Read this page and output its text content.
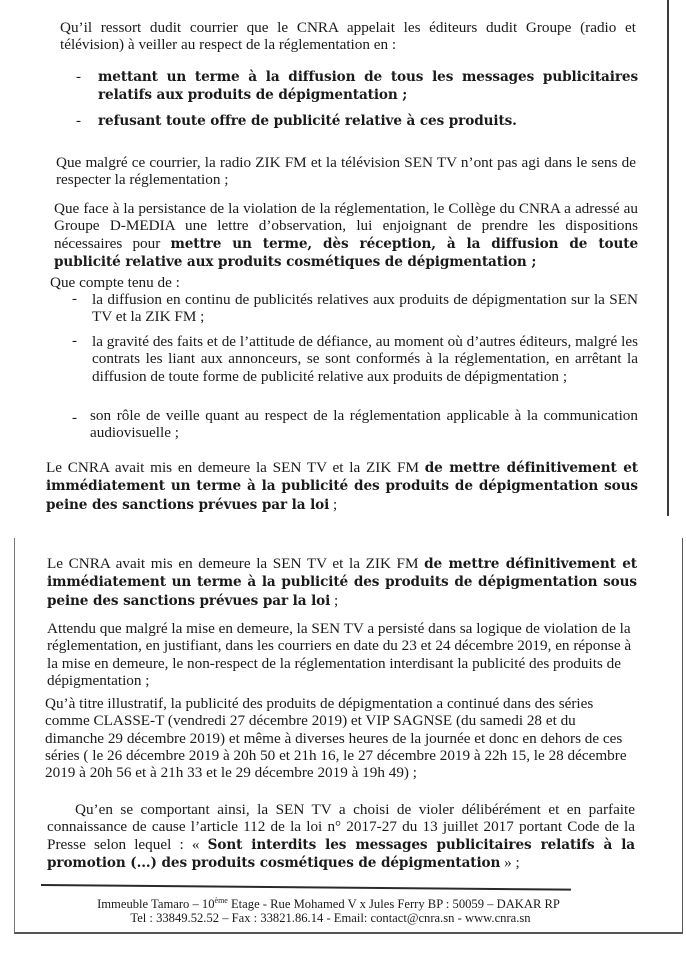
Qu’il ressort dudit courrier que le CNRA appelait les éditeurs dudit Groupe (radio et télévision) à veiller au respect de la réglementation en :

- mettant un terme à la diffusion de tous les messages publicitaires relatifs aux produits de dépigmentation ;

- refusant toute offre de publicité relative à ces produits.

Que malgré ce courrier, la radio ZIK FM et la télévision SEN TV n’ont pas agi dans le sens de respecter la réglementation ;

Que face à la persistance de la violation de la réglementation, le Collège du CNRA a adressé au Groupe D-MEDIA une lettre d’observation, lui enjoignant de prendre les dispositions nécessaires pour mettre un terme, dès réception, à la diffusion de toute publicité relative aux produits cosmétiques de dépigmentation ;

Que compte tenu de :

- la diffusion en continu de publicités relatives aux produits de dépigmentation sur la SEN TV et la ZIK FM ;

- la gravité des faits et de l’attitude de défiance, au moment où d’autres éditeurs, malgré les contrats les liant aux annonceurs, se sont conformés à la réglementation, en arrêtant la diffusion de toute forme de publicité relative aux produits de dépigmentation ;

- son rôle de veille quant au respect de la réglementation applicable à la communication audiovisuelle ;

Le CNRA avait mis en demeure la SEN TV et la ZIK FM de mettre définitivement et immédiatement un terme à la publicité des produits de dépigmentation sous peine des sanctions prévues par la loi ;

Le CNRA avait mis en demeure la SEN TV et la ZIK FM de mettre définitivement et immédiatement un terme à la publicité des produits de dépigmentation sous peine des sanctions prévues par la loi ;

Attendu que malgré la mise en demeure, la SEN TV a persisté dans sa logique de violation de la réglementation, en justifiant, dans les courriers en date du 23 et 24 décembre 2019, en réponse à la mise en demeure, le non-respect de la réglementation interdisant la publicité des produits de dépigmentation ;

Qu’à titre illustratif, la publicité des produits de dépigmentation a continué dans des séries comme CLASSE-T (vendredi 27 décembre 2019) et VIP SAGNSE (du samedi 28 et du dimanche 29 décembre 2019) et même à diverses heures de la journée et donc en dehors de ces séries ( le 26 décembre 2019 à 20h 50 et 21h 16, le 27 décembre 2019 à 22h 15, le 28 décembre 2019 à 20h 56 et à 21h 33 et le 29 décembre 2019 à 19h 49) ;

Qu’en se comportant ainsi, la SEN TV a choisi de violer délibérément et en parfaite connaissance de cause l’article 112 de la loi n° 2017-27 du 13 juillet 2017 portant Code de la Presse selon lequel : « Sont interdits les messages publicitaires relatifs à la promotion (...) des produits cosmétiques de dépigmentation » ;

Immeuble Tamaro – 10ème Etage - Rue Mohamed V x Jules Ferry BP : 50059 – DAKAR RP
Tel : 33849.52.52 – Fax : 33821.86.14 - Email: contact@cnra.sn - www.cnra.sn
